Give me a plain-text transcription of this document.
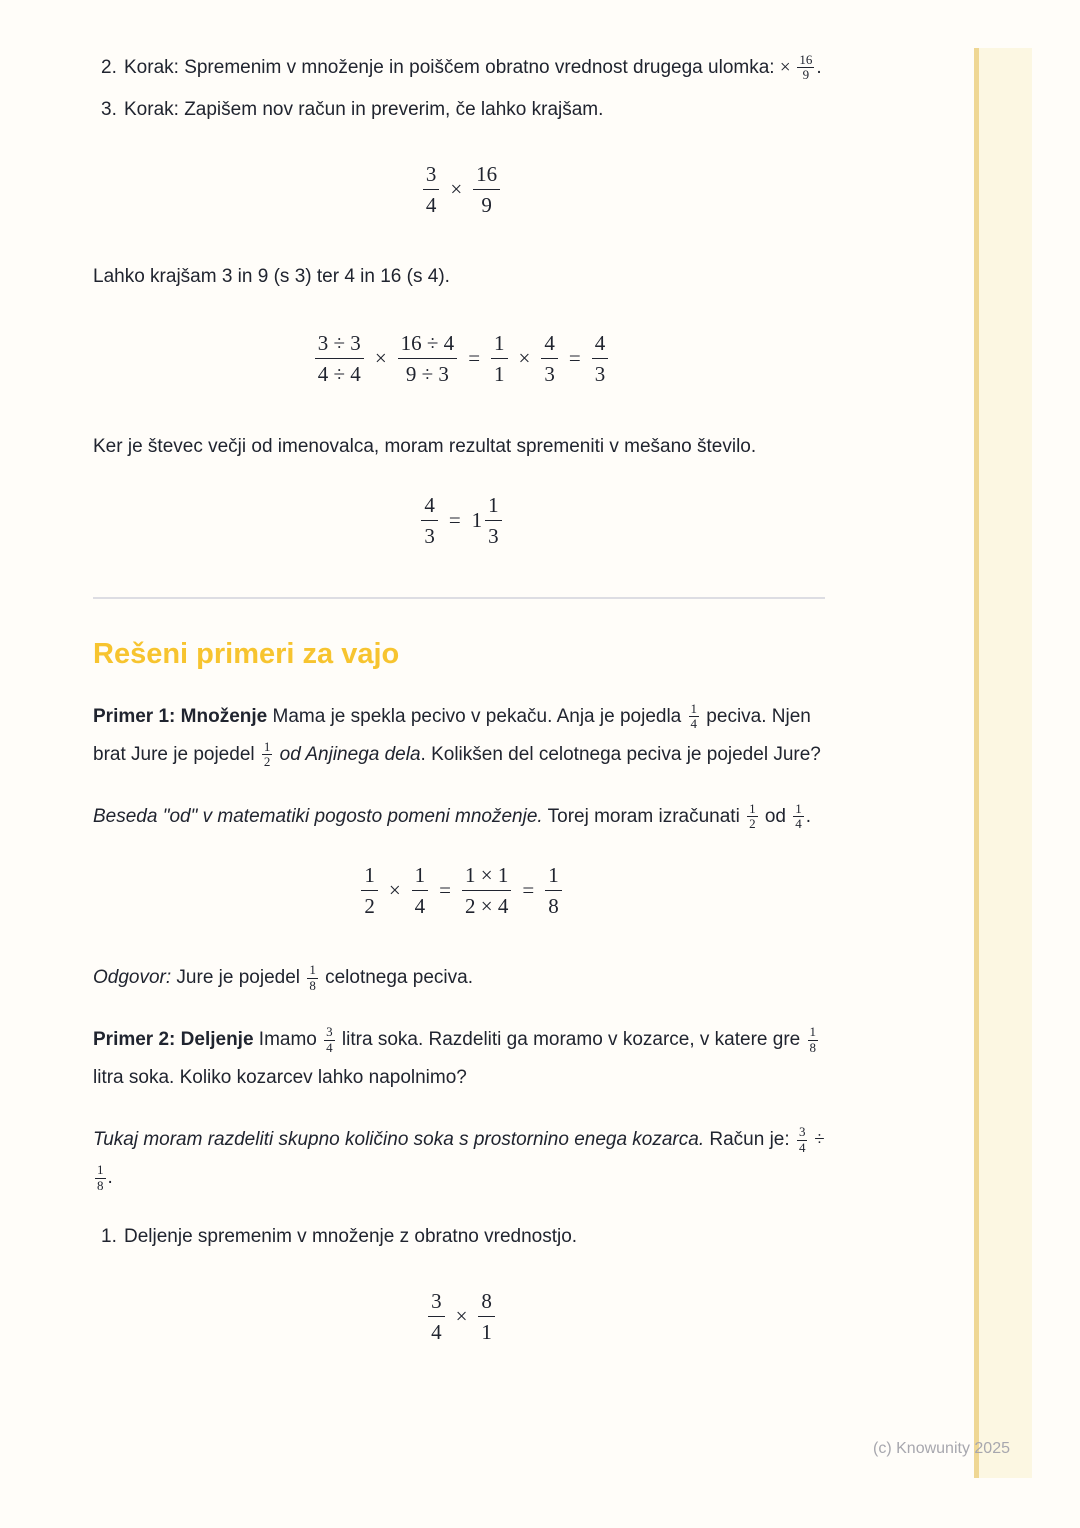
2. Korak: Spremenim v množenje in poiščem obratno vrednost drugega ulomka: × $\frac{16}{9}$ .
3. Korak: Zapišem nov račun in preverim, če lahko krajšam.
$\frac{3}{4} \times \frac{16}{9}$

Lahko krajšam 3 in 9 (s 3) ter 4 in 16 (s 4).

$\frac{3 \div 3}{4 \div 4} \times \frac{16 \div 4}{9 \div 3} = \frac{1}{1} \times \frac{4}{3} = \frac{4}{3}$

Ker je števec večji od imenovalca, moram rezultat spremeniti v mešano število.

$\frac{4}{3} = 1 \frac{1}{3}$
Rešeni primeri za vajo

Primer 1: Množenje Mama je spekla pecivo v pekaču. Anja je pojedla $\frac{1}{4}$ peciva. Njen brat Jure je pojedel $\frac{1}{2}$ od Anjinega dela. Kolikšen del celotnega peciva je pojedel Jure?

Beseda "od" v matematiki pogosto pomeni množenje. Torej moram izračunati $\frac{1}{2}$ od $\frac{1}{4}$ .

$\frac{1}{2} \times \frac{1}{4} = \frac{1 \times 1}{2 \times 4} = \frac{1}{8}$

Odgovor: Jure je pojedel $\frac{1}{8}$ celotnega peciva.

Primer 2: Deljenje Imamo $\frac{3}{4}$ litra soka. Razdeliti ga moramo v kozarce, v katere gre $\frac{1}{8}$
litra soka. Koliko kozarcev lahko napolnimo?

Tukaj moram razdeliti skupno količino soka s prostornino enega kozarca. Račun je: $\frac{3}{4}$ ÷
$\frac{1}{8}$ .

1. Deljenje spremenim v množenje z obratno vrednostjo.
$\frac{3}{4} \times \frac{8}{1}$
(c) Knowunity 2025
